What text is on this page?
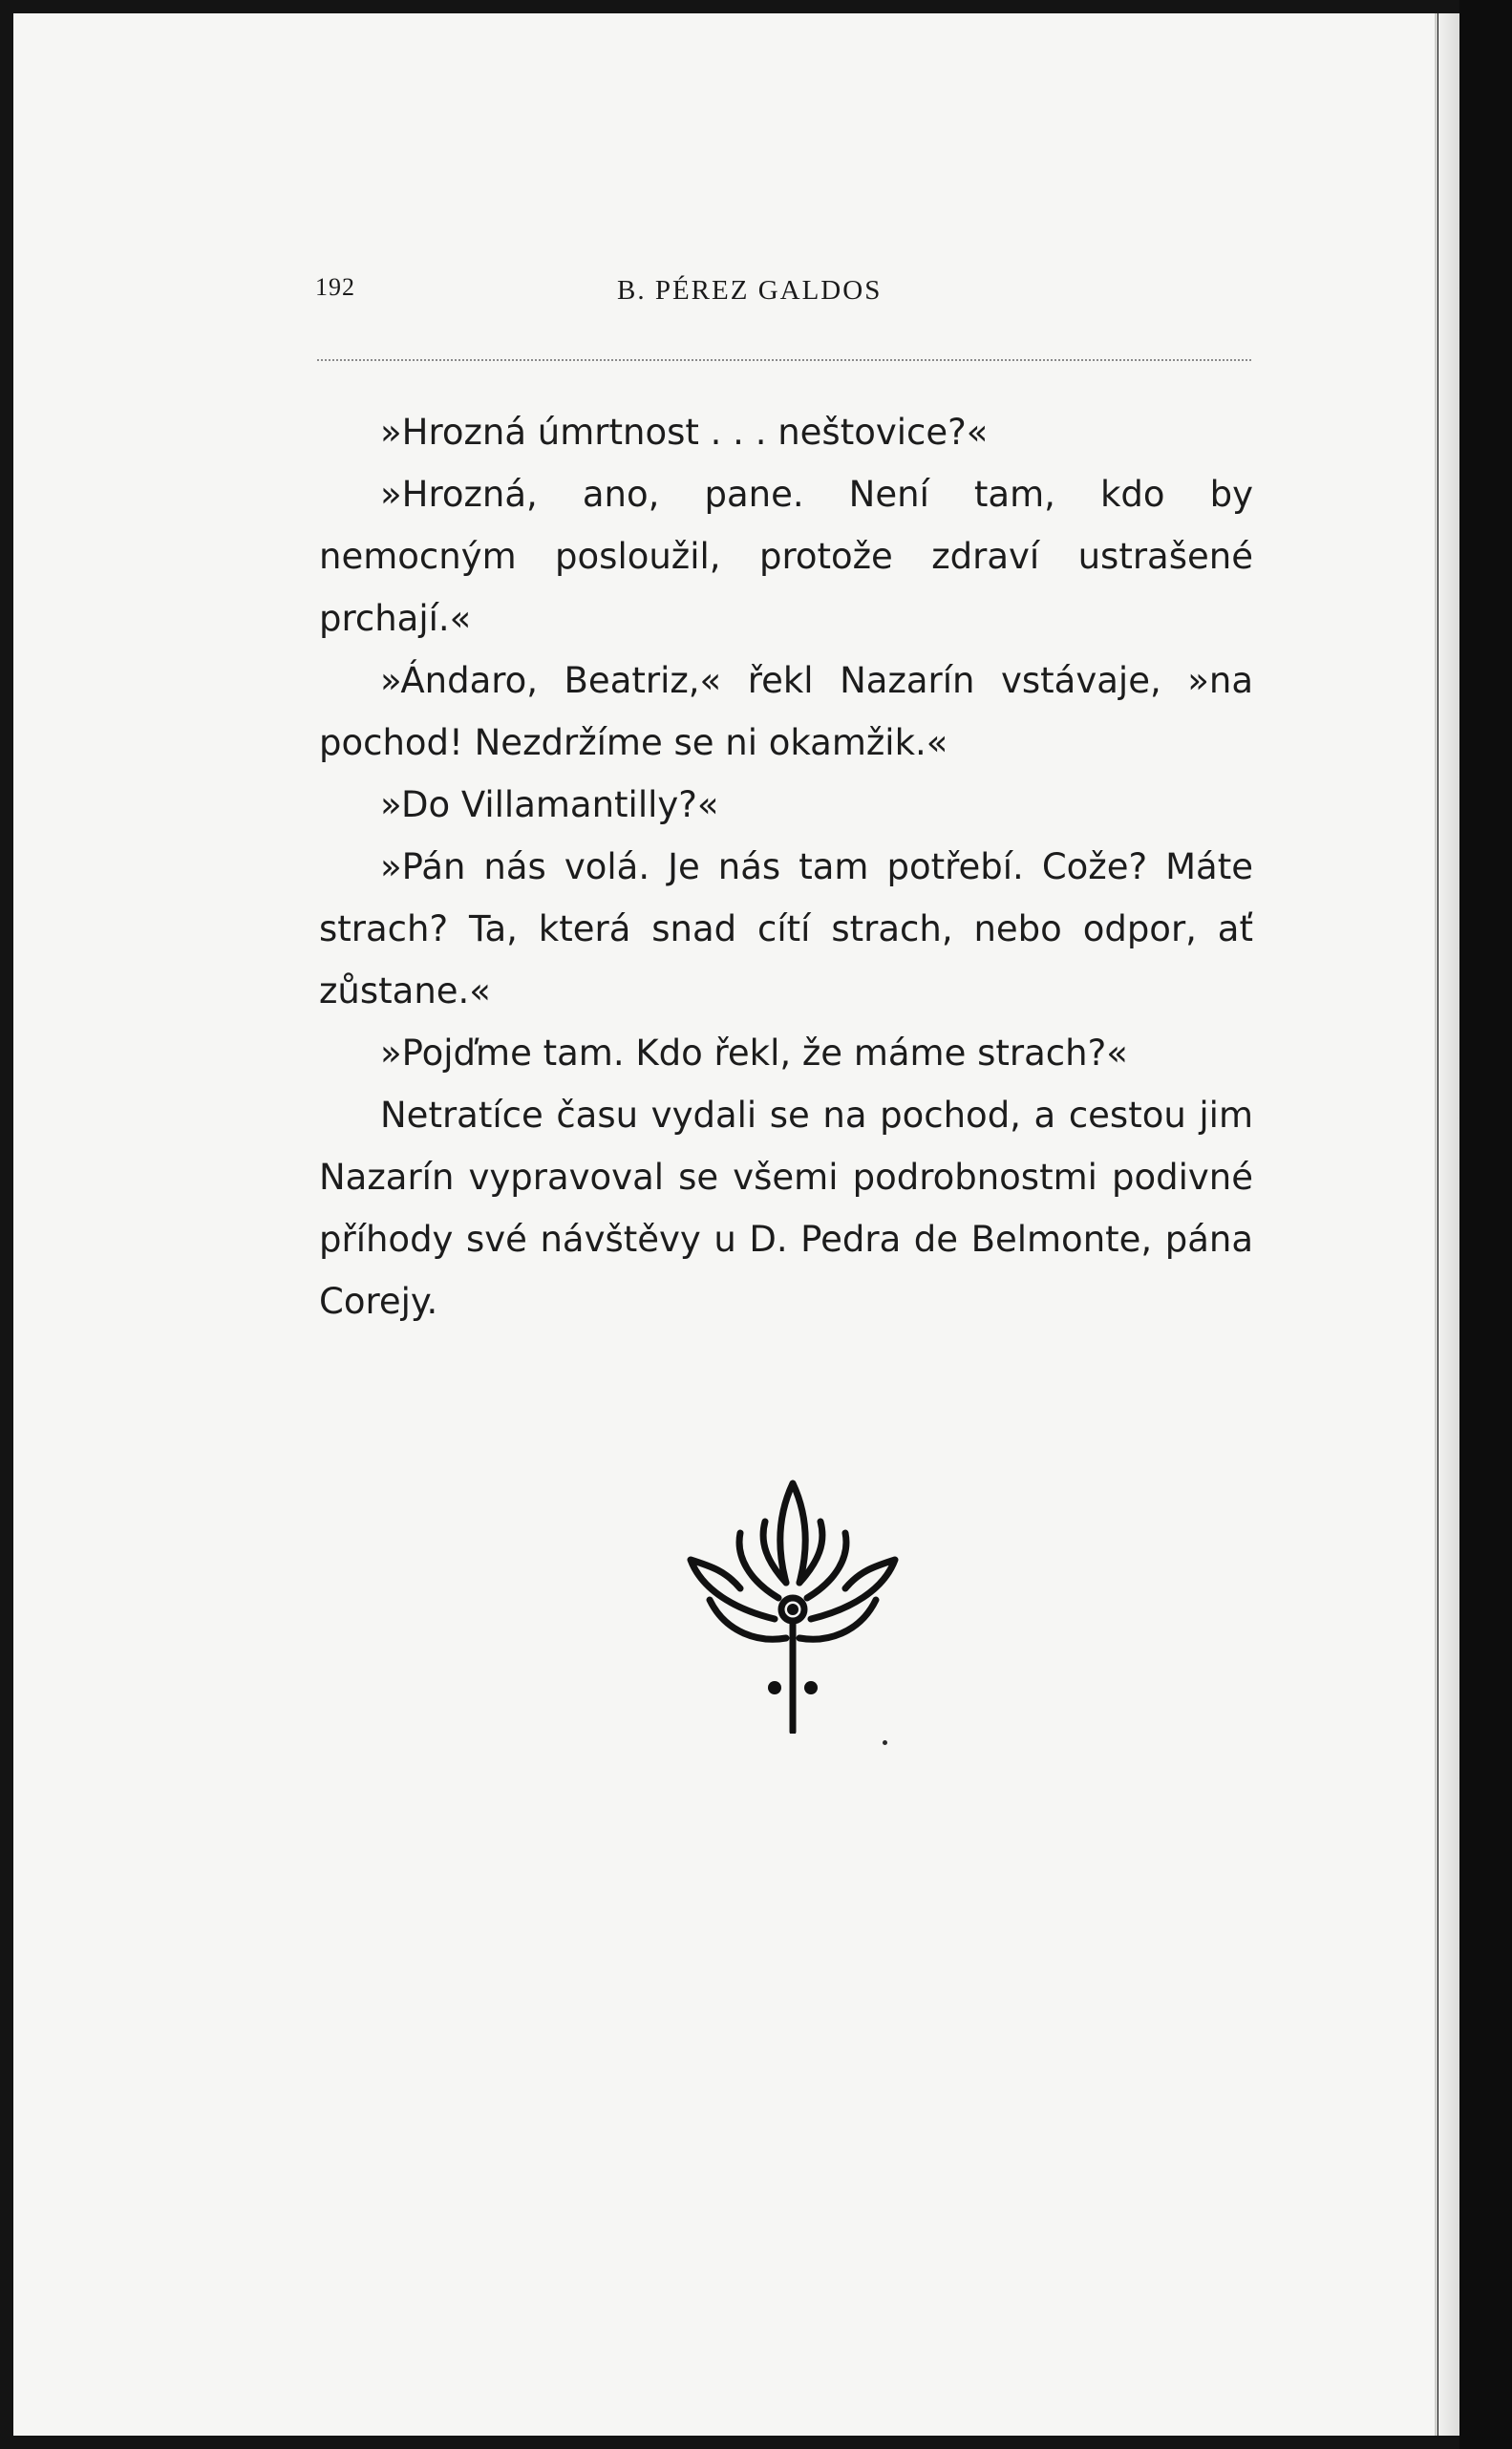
192	B. PÉREZ GALDOS

»Hrozná úmrtnost . . . neštovice?«

»Hrozná, ano, pane. Není tam, kdo by nemocným posloužil, protože zdraví ustrašené prchají.«

»Ándaro, Beatriz,« řekl Nazarín vstávaje, »na pochod! Nezdržíme se ni okamžik.«

»Do Villamantilly?«

»Pán nás volá. Je nás tam potřebí. Cože? Máte strach? Ta, která snad cítí strach, nebo odpor, ať zůstane.«

»Pojďme tam. Kdo řekl, že máme strach?«

Netratíce času vydali se na pochod, a cestou jim Nazarín vypravoval se všemi podrobnostmi podivné příhody své návštěvy u D. Pedra de Belmonte, pána Corejy.
